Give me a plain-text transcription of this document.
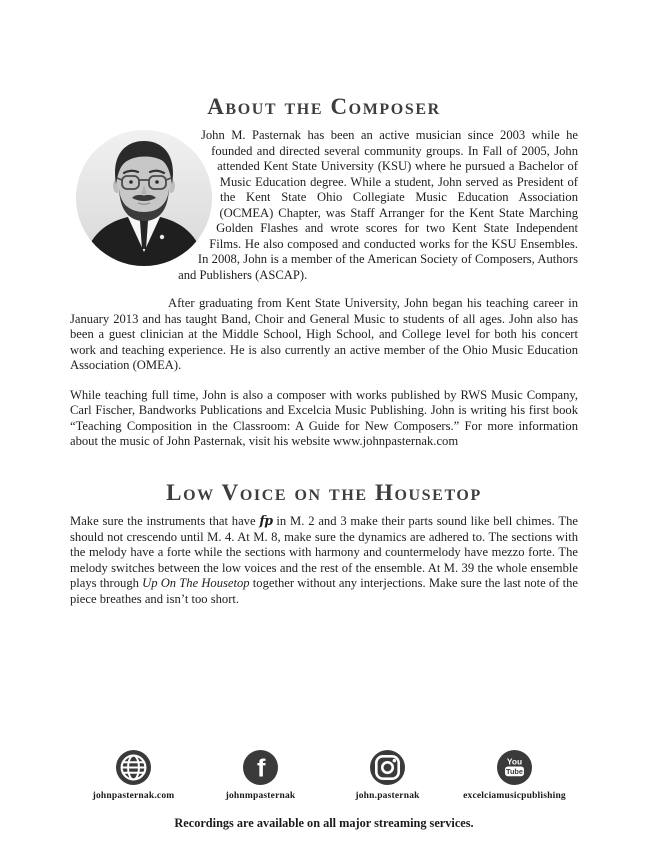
About the Composer

John M. Pasternak has been an active musician since 2003 while he founded and directed several community groups. In Fall of 2005, John attended Kent State University (KSU) where he pursued a Bachelor of Music Education degree. While a student, John served as President of the Kent State Ohio Collegiate Music Education Association (OCMEA) Chapter, was Staff Arranger for the Kent State Marching Golden Flashes and wrote scores for two Kent State Independent Films. He also composed and conducted works for the KSU Ensembles. In 2008, John is a member of the American Society of Composers, Authors and Publishers (ASCAP).

After graduating from Kent State University, John began his teaching career in January 2013 and has taught Band, Choir and General Music to students of all ages. John also has been a guest clinician at the Middle School, High School, and College level for both his concert work and teaching experience. He is also currently an active member of the Ohio Music Education Association (OMEA).

While teaching full time, John is also a composer with works published by RWS Music Company, Carl Fischer, Bandworks Publications and Excelcia Music Publishing. John is writing his first book “Teaching Composition in the Classroom: A Guide for New Composers.” For more information about the music of John Pasternak, visit his website www.johnpasternak.com

Low Voice on the Housetop

Make sure the instruments that have fp in M. 2 and 3 make their parts sound like bell chimes. The should not crescendo until M. 4. At M. 8, make sure the dynamics are adhered to. The sections with the melody have a forte while the sections with harmony and countermelody have mezzo forte. The melody switches between the low voices and the rest of the ensemble. At M. 39 the whole ensemble plays through Up On The Housetop together without any interjections. Make sure the last note of the piece breathes and isn’t too short.

johnpasternak.com
f
johnmpasternak	john.pasternak
You
Tube
excelciamusicpublishing
Recordings are available on all major streaming services.
